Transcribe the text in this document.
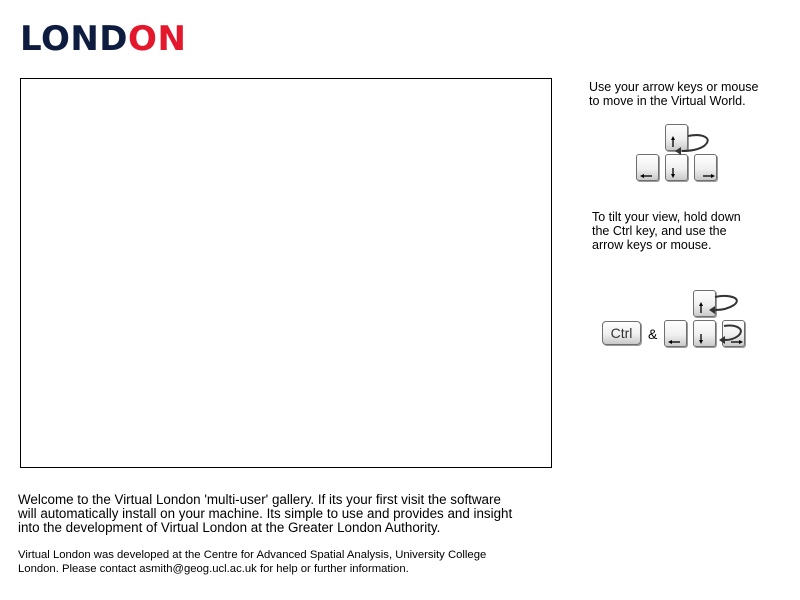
LONDON
Use your arrow keys or mouse
to move in the Virtual World.
To tilt your view, hold down
the Ctrl key, and use the
arrow keys or mouse.
Ctrl	&
Welcome to the Virtual London 'multi-user' gallery. If its your first visit the software
will automatically install on your machine. Its simple to use and provides and insight
into the development of Virtual London at the Greater London Authority.
Virtual London was developed at the Centre for Advanced Spatial Analysis, University College
London. Please contact asmith@geog.ucl.ac.uk for help or further information.
